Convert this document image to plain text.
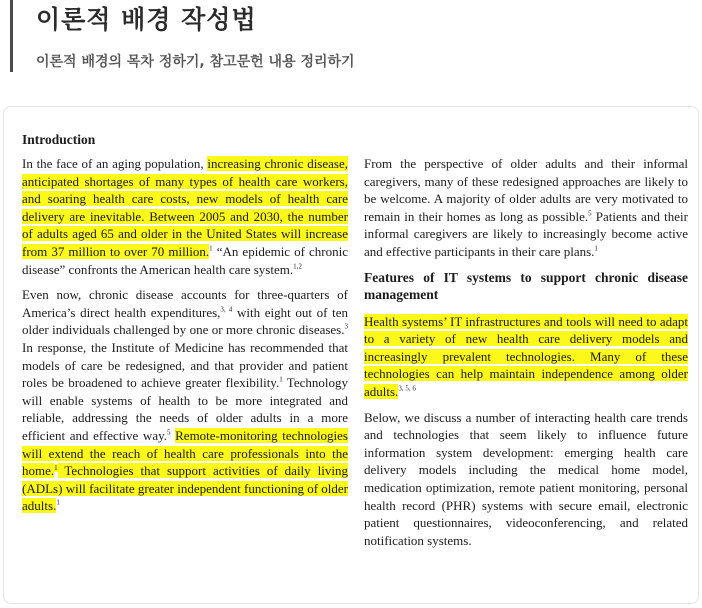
이론적 배경 작성법
이론적 배경의 목차 정하기, 참고문헌 내용 정리하기
Introduction

In the face of an aging population, increasing chronic disease, anticipated shortages of many types of health care workers, and soaring health care costs, new models of health care delivery are inevitable. Between 2005 and 2030, the number of adults aged 65 and older in the United States will increase from 37 million to over 70 million.$^1$ “An epidemic of chronic disease” confronts the American health care system.$^{1,2}$

Even now, chronic disease accounts for three-quarters of America’s direct health expenditures,$^{3, 4}$ with eight out of ten older individuals challenged by one or more chronic diseases.$^3$ In response, the Institute of Medicine has recommended that models of care be redesigned, and that provider and patient roles be broadened to achieve greater flexibility.$^1$ Technology will enable systems of health to be more integrated and reliable, addressing the needs of older adults in a more efficient and effective way.$^5$ Remote-monitoring technologies will extend the reach of health care professionals into the home.$^1$ Technologies that support activities of daily living (ADLs) will facilitate greater independent functioning of older adults.$^1$

From the perspective of older adults and their informal caregivers, many of these redesigned approaches are likely to be welcome. A majority of older adults are very motivated to remain in their homes as long as possible.$^5$ Patients and their informal caregivers are likely to increasingly become active and effective participants in their care plans.$^1$

Features of IT systems to support chronic disease management

Health systems’ IT infrastructures and tools will need to adapt to a variety of new health care delivery models and increasingly prevalent technologies. Many of these technologies can help maintain independence among older adults.$^{3, 5, 6}$

Below, we discuss a number of interacting health care trends and technologies that seem likely to influence future information system development: emerging health care delivery models including the medical home model, medication optimization, remote patient monitoring, personal health record (PHR) systems with secure email, electronic patient questionnaires, videoconferencing, and related notification systems.
